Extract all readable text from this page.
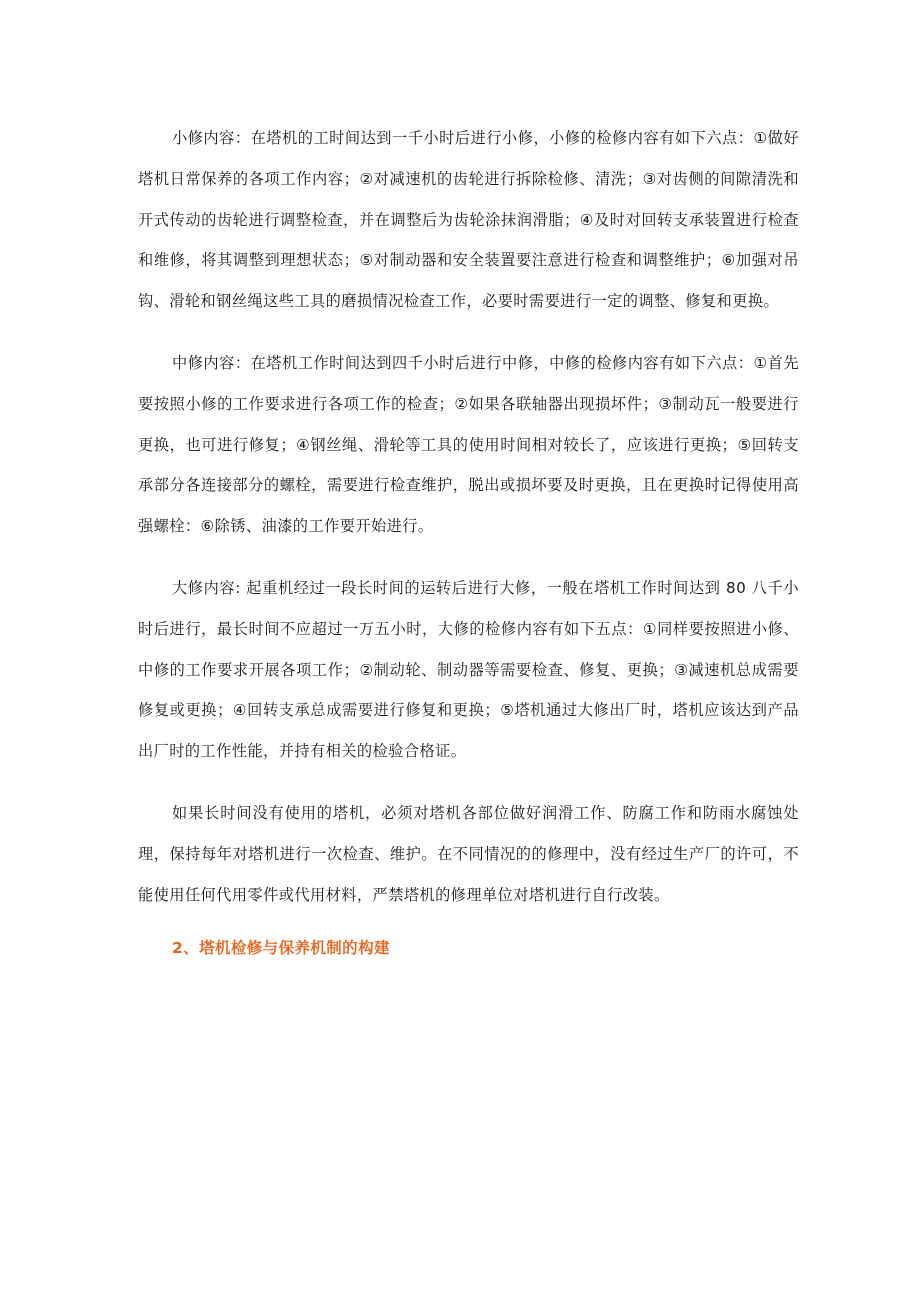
小修内容：在塔机的工时间达到一千小时后进行小修，小修的检修内容有如下六点：①做好塔机日常保养的各项工作内容；②对减速机的齿轮进行拆除检修、清洗；③对齿侧的间隙清洗和开式传动的齿轮进行调整检查，并在调整后为齿轮涂抹润滑脂；④及时对回转支承装置进行检查和维修，将其调整到理想状态；⑤对制动器和安全装置要注意进行检查和调整维护；⑥加强对吊钩、滑轮和钢丝绳这些工具的磨损情况检查工作，必要时需要进行一定的调整、修复和更换。

中修内容：在塔机工作时间达到四千小时后进行中修，中修的检修内容有如下六点：①首先要按照小修的工作要求进行各项工作的检查；②如果各联轴器出现损坏件；③制动瓦一般要进行更换，也可进行修复；④钢丝绳、滑轮等工具的使用时间相对较长了，应该进行更换；⑤回转支承部分各连接部分的螺栓，需要进行检查维护，脱出或损坏要及时更换，且在更换时记得使用高强螺栓：⑥除锈、油漆的工作要开始进行。

大修内容: 起重机经过一段长时间的运转后进行大修，一般在塔机工作时间达到 80 八千小时后进行，最长时间不应超过一万五小时，大修的检修内容有如下五点：①同样要按照进小修、中修的工作要求开展各项工作；②制动轮、制动器等需要检查、修复、更换；③减速机总成需要修复或更换；④回转支承总成需要进行修复和更换；⑤塔机通过大修出厂时，塔机应该达到产品出厂时的工作性能，并持有相关的检验合格证。

如果长时间没有使用的塔机，必须对塔机各部位做好润滑工作、防腐工作和防雨水腐蚀处理，保持每年对塔机进行一次检查、维护。在不同情况的的修理中，没有经过生产厂的许可，不能使用任何代用零件或代用材料，严禁塔机的修理单位对塔机进行自行改装。

2、塔机检修与保养机制的构建
